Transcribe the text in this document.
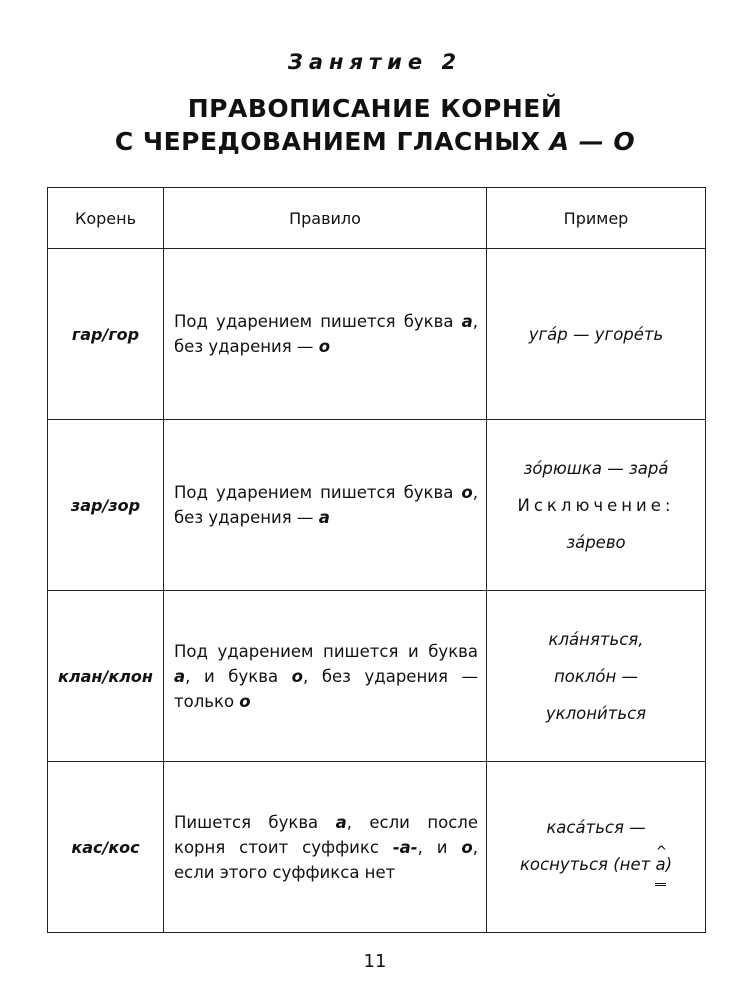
Занятие 2
ПРАВОПИСАНИЕ КОРНЕЙ
С ЧЕРЕДОВАНИЕМ ГЛАСНЫХ А — О
Корень	Правило	Пример
гар/гор	Под ударением пишется буква а, без ударения — о	угáр — угорéть

зар/зор	Под ударением пишется буква о, без ударения — а	зóрюшка — зарá
Исключение:
зáрево

клан/клон	Под ударением пишется и буква а, и буква о, без ударения — только о	клáняться,
поклóн —
уклони́ться

кас/кос	Пишется буква а, если после корня стоит суффикс -а-, и о, если этого суффикса нет	касáться —
коснуться (нет ^ а)
11
